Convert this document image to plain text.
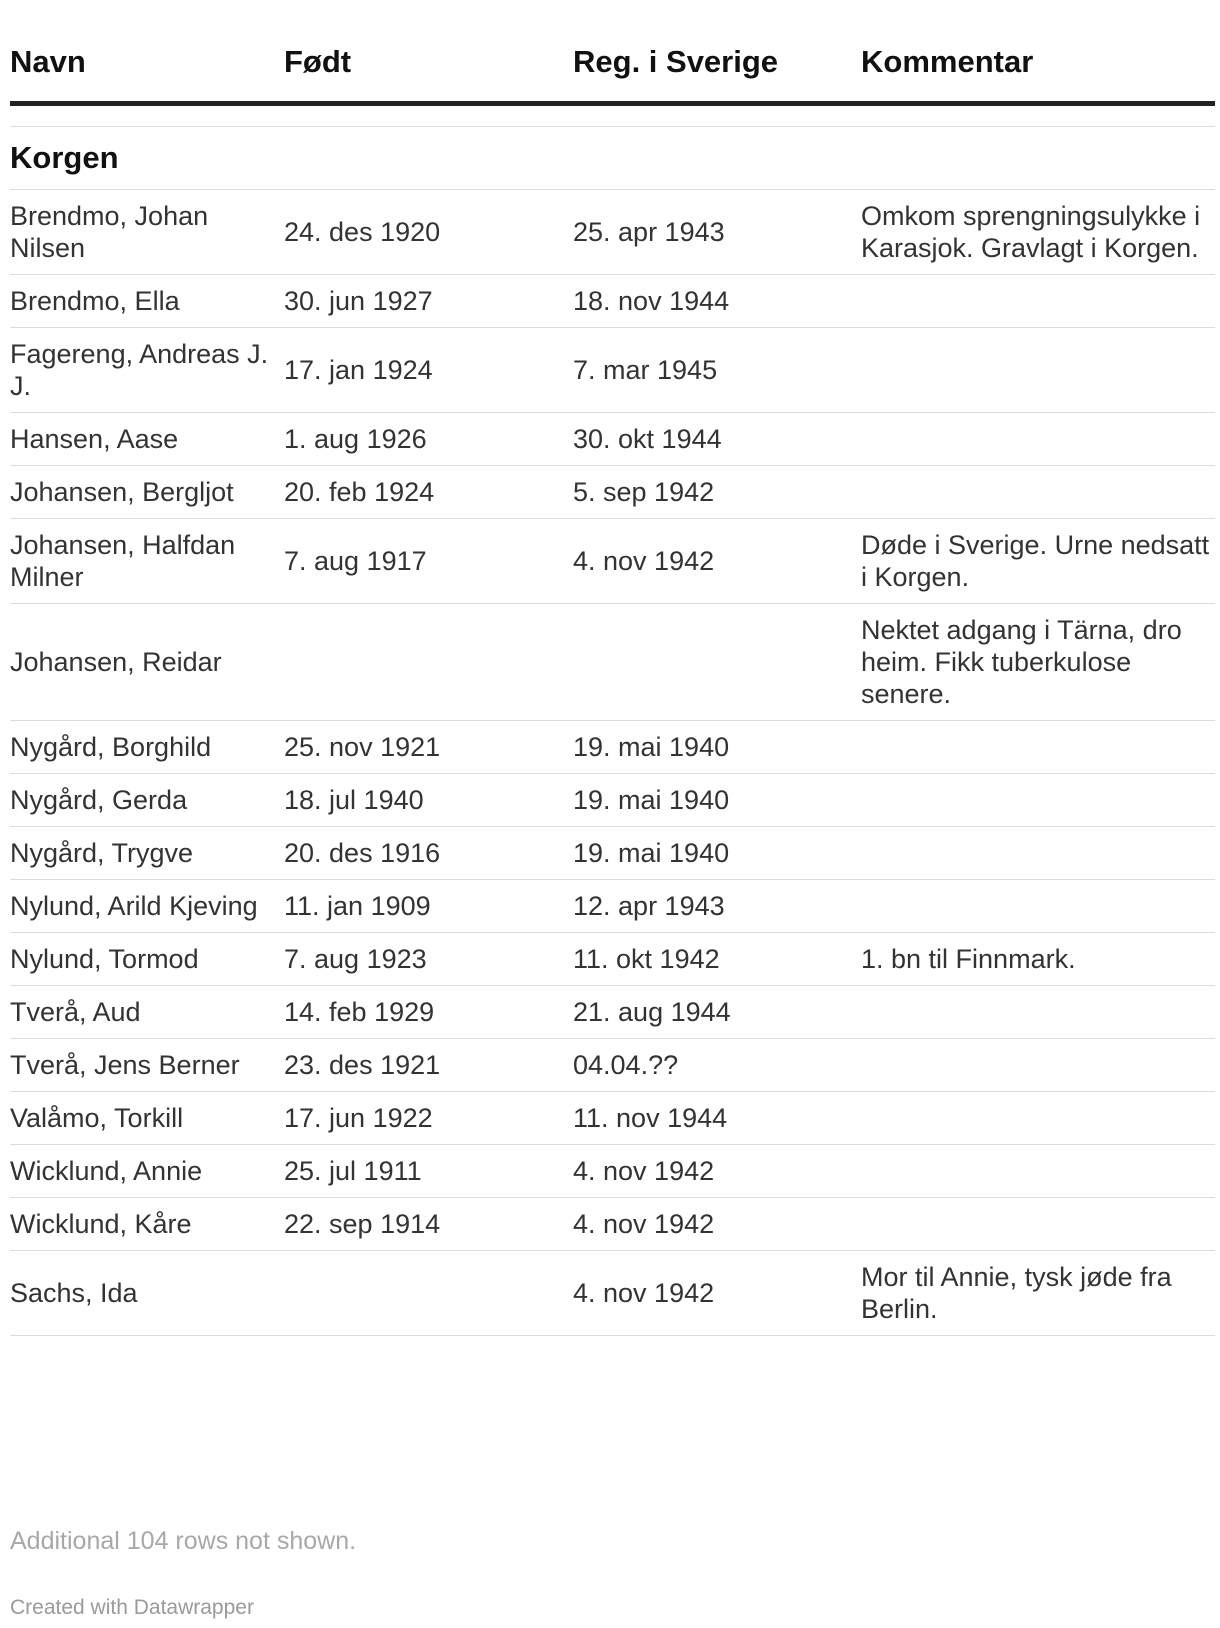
Navn	Født	Reg. i Sverige	Kommentar

Korgen			
Brendmo, Johan Nilsen	24. des 1920	25. apr 1943	Omkom sprengningsulykke i Karasjok. Gravlagt i Korgen.
Brendmo, Ella	30. jun 1927	18. nov 1944	
Fagereng, Andreas J. J.	17. jan 1924	7. mar 1945	
Hansen, Aase	1. aug 1926	30. okt 1944	
Johansen, Bergljot	20. feb 1924	5. sep 1942	
Johansen, Halfdan Milner	7. aug 1917	4. nov 1942	Døde i Sverige. Urne nedsatt i Korgen.
Johansen, Reidar			Nektet adgang i Tärna, dro heim. Fikk tuberkulose senere.
Nygård, Borghild	25. nov 1921	19. mai 1940	
Nygård, Gerda	18. jul 1940	19. mai 1940	
Nygård, Trygve	20. des 1916	19. mai 1940	
Nylund, Arild Kjeving	11. jan 1909	12. apr 1943	
Nylund, Tormod	7. aug 1923	11. okt 1942	1. bn til Finnmark.
Tverå, Aud	14. feb 1929	21. aug 1944	
Tverå, Jens Berner	23. des 1921	04.04.??	
Valåmo, Torkill	17. jun 1922	11. nov 1944	
Wicklund, Annie	25. jul 1911	4. nov 1942	
Wicklund, Kåre	22. sep 1914	4. nov 1942	
Sachs, Ida		4. nov 1942	Mor til Annie, tysk jøde fra Berlin.
Additional 104 rows not shown.
Created with Datawrapper
